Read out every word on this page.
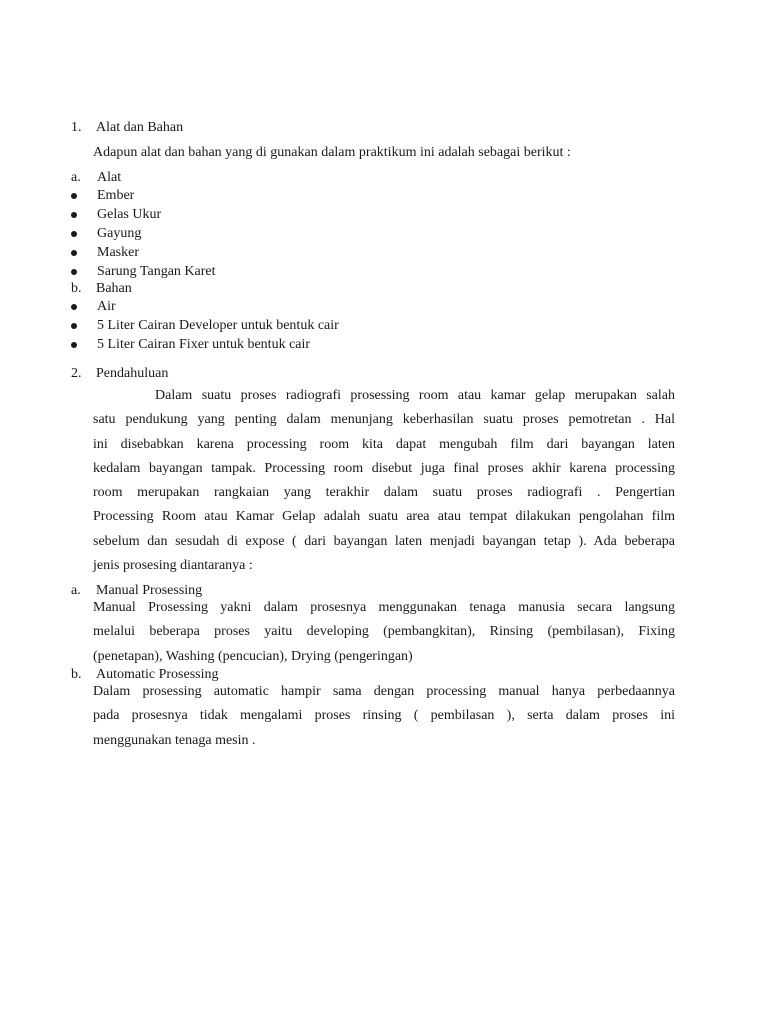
1. Alat dan Bahan
Adapun alat dan bahan yang di gunakan dalam praktikum ini adalah sebagai berikut :
a. Alat
Ember
Gelas Ukur
Gayung
Masker
Sarung Tangan Karet
b. Bahan
Air
5 Liter Cairan Developer untuk bentuk cair
5 Liter Cairan Fixer untuk bentuk cair
2. Pendahuluan
Dalam suatu proses radiografi prosessing room atau kamar gelap merupakan salah
satu pendukung yang penting dalam menunjang keberhasilan suatu proses pemotretan . Hal
ini disebabkan karena processing room kita dapat mengubah film dari bayangan laten
kedalam bayangan tampak. Processing room disebut juga final proses akhir karena processing
room merupakan rangkaian yang terakhir dalam suatu proses radiografi . Pengertian
Processing Room atau Kamar Gelap adalah suatu area atau tempat dilakukan pengolahan film
sebelum dan sesudah di expose ( dari bayangan laten menjadi bayangan tetap ). Ada beberapa
jenis prosesing diantaranya :
a. Manual Prosessing
Manual Prosessing yakni dalam prosesnya menggunakan tenaga manusia secara langsung
melalui beberapa proses yaitu developing (pembangkitan), Rinsing (pembilasan), Fixing
(penetapan), Washing (pencucian), Drying (pengeringan)
b. Automatic Prosessing
Dalam prosessing automatic hampir sama dengan processing manual hanya perbedaannya
pada prosesnya tidak mengalami proses rinsing ( pembilasan ), serta dalam proses ini
menggunakan tenaga mesin .
